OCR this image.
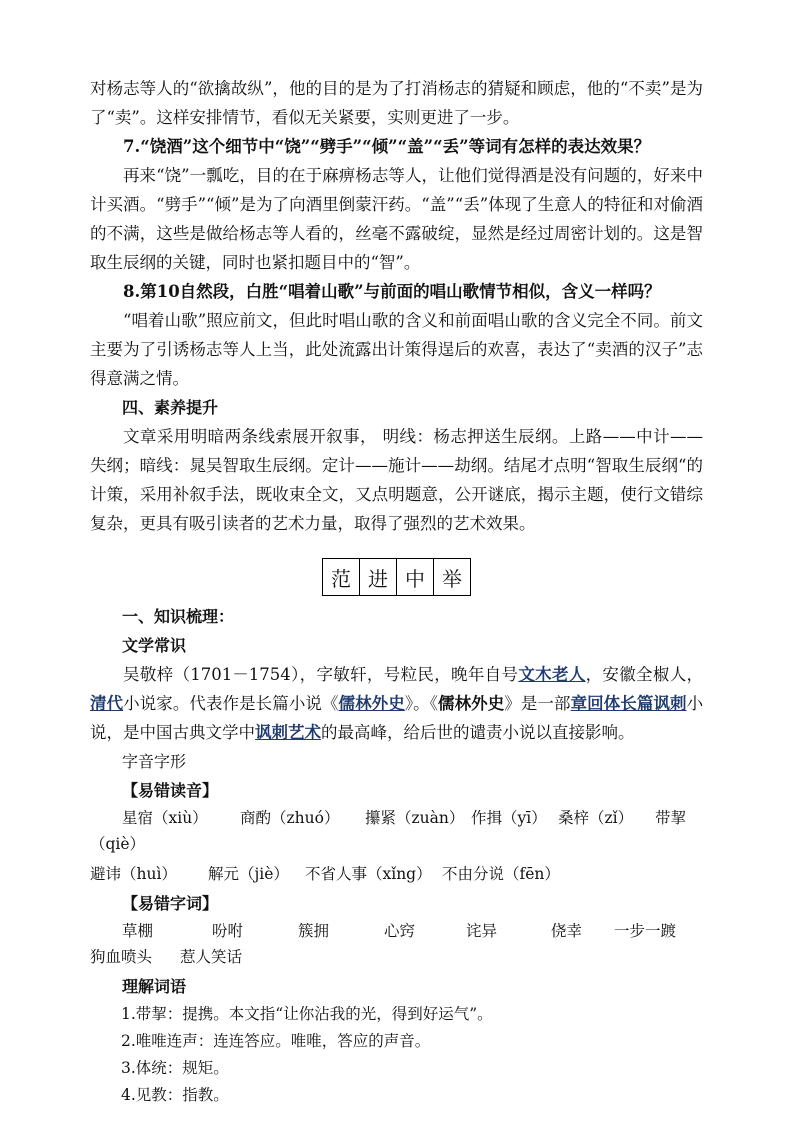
对杨志等人的“欲擒故纵”，他的目的是为了打消杨志的猜疑和顾虑，他的“不卖”是为了“卖”。这样安排情节，看似无关紧要，实则更进了一步。

7.“饶酒”这个细节中“饶”“劈手”“倾”“盖”“丢”等词有怎样的表达效果？

再来“饶”一瓢吃，目的在于麻痹杨志等人，让他们觉得酒是没有问题的，好来中计买酒。“劈手”“倾”是为了向酒里倒蒙汗药。“盖”“丢”体现了生意人的特征和对偷酒的不满，这些是做给杨志等人看的，丝毫不露破绽，显然是经过周密计划的。这是智取生辰纲的关键，同时也紧扣题目中的“智”。

8.第10自然段，白胜“唱着山歌”与前面的唱山歌情节相似，含义一样吗？

“唱着山歌”照应前文，但此时唱山歌的含义和前面唱山歌的含义完全不同。前文主要为了引诱杨志等人上当，此处流露出计策得逞后的欢喜，表达了“卖酒的汉子”志得意满之情。

四、素养提升

文章采用明暗两条线索展开叙事， 明线：杨志押送生辰纲。上路——中计——失纲；暗线：晁吴智取生辰纲。定计——施计——劫纲。结尾才点明“智取生辰纲“的计策，采用补叙手法，既收束全文，又点明题意，公开谜底，揭示主题，使行文错综复杂，更具有吸引读者的艺术力量，取得了强烈的艺术效果。

范	进	中	举

一、知识梳理：

文学常识

吴敬梓（1701－1754），字敏轩，号粒民，晚年自号文木老人，安徽全椒人，清代小说家。代表作是长篇小说《儒林外史》。《儒林外史》是一部章回体长篇讽刺小说，是中国古典文学中讽刺艺术的最高峰，给后世的谴责小说以直接影响。

字音字形

【易错读音】

星宿（xiù）	商酌（zhuó）	攥紧（zuàn） 作揖（yī） 桑梓（zǐ）	带挈
（qiè）
避讳（huì）	解元（jiè）	不省人事（xǐng） 不由分说（fēn）

【易错字词】

草棚	吩咐	簇拥	心窍	诧异	侥幸	一步一踱
狗血喷头	惹人笑话

理解词语

1.带挈：提携。本文指“让你沾我的光，得到好运气”。

2.唯唯连声：连连答应。唯唯，答应的声音。

3.体统：规矩。

4.见教：指教。
